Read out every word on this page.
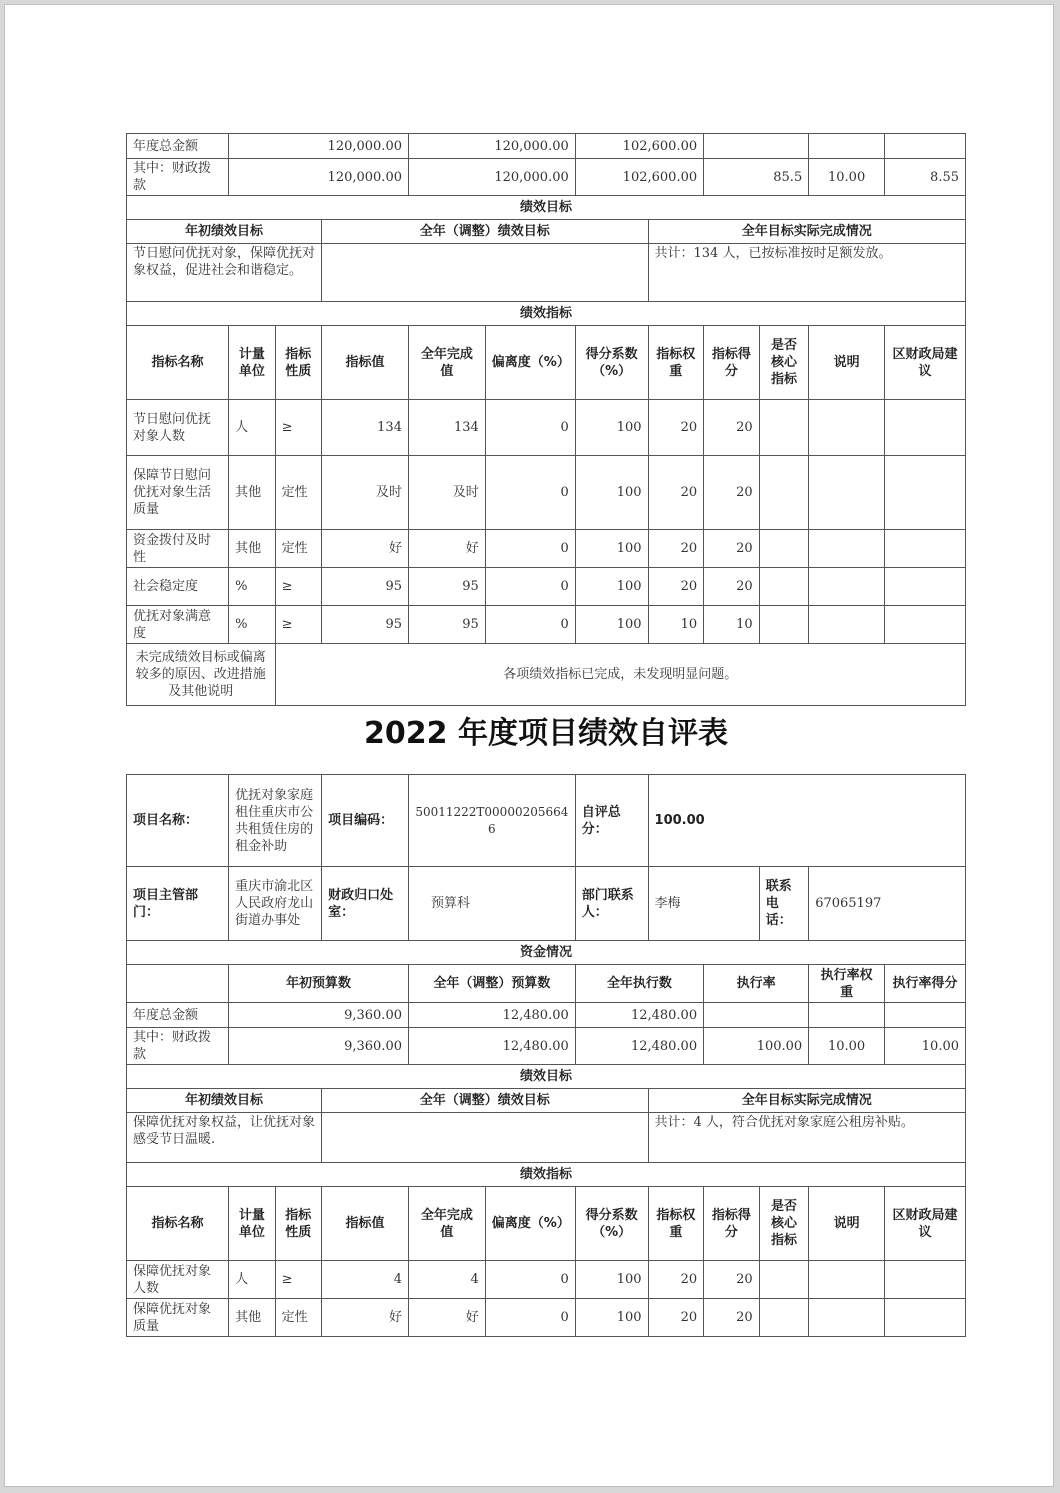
年度总金额	120,000.00			120,000.00		102,600.00					
其中：财政拨款	120,000.00			120,000.00		102,600.00		85.5		10.00	8.55
绩效目标											
年初绩效目标			全年（调整）绩效目标				全年目标实际完成情况				
节日慰问优抚对象，保障优抚对象权益，促进社会和谐稳定。							共计：134 人，已按标准按时足额发放。				
绩效指标											
指标名称	计量单位	指标性质	指标值	全年完成值	偏离度（%）	得分系数（%）	指标权重	指标得分	是否核心指标	说明	区财政局建议
节日慰问优抚对象人数	人	≥	134	134	0	100	20	20			
保障节日慰问优抚对象生活质量	其他	定性	及时	及时	0	100	20	20			
资金拨付及时性	其他	定性	好	好	0	100	20	20			
社会稳定度	%	≥	95	95	0	100	20	20			
优抚对象满意度	%	≥	95	95	0	100	10	10			
未完成绩效目标或偏离较多的原因、改进措施及其他说明		各项绩效指标已完成，未发现明显问题。									
2022 年度项目绩效自评表
项目名称：	优抚对象家庭租住重庆市公共租赁住房的租金补助		项目编码：	50011222T000002056646		自评总分：	100.00				
项目主管部门：	重庆市渝北区人民政府龙山街道办事处		财政归口处室：	预算科		部门联系人：	李梅		联系电话：	67065197	
资金情况											
	年初预算数			全年（调整）预算数		全年执行数		执行率		执行率权重	执行率得分
年度总金额	9,360.00			12,480.00		12,480.00					
其中：财政拨款	9,360.00			12,480.00		12,480.00		100.00		10.00	10.00
绩效目标											
年初绩效目标			全年（调整）绩效目标				全年目标实际完成情况				
保障优抚对象权益，让优抚对象感受节日温暖.							共计：4 人，符合优抚对象家庭公租房补贴。				
绩效指标											
指标名称	计量单位	指标性质	指标值	全年完成值	偏离度（%）	得分系数（%）	指标权重	指标得分	是否核心指标	说明	区财政局建议
保障优抚对象人数	人	≥	4	4	0	100	20	20			
保障优抚对象质量	其他	定性	好	好	0	100	20	20			
